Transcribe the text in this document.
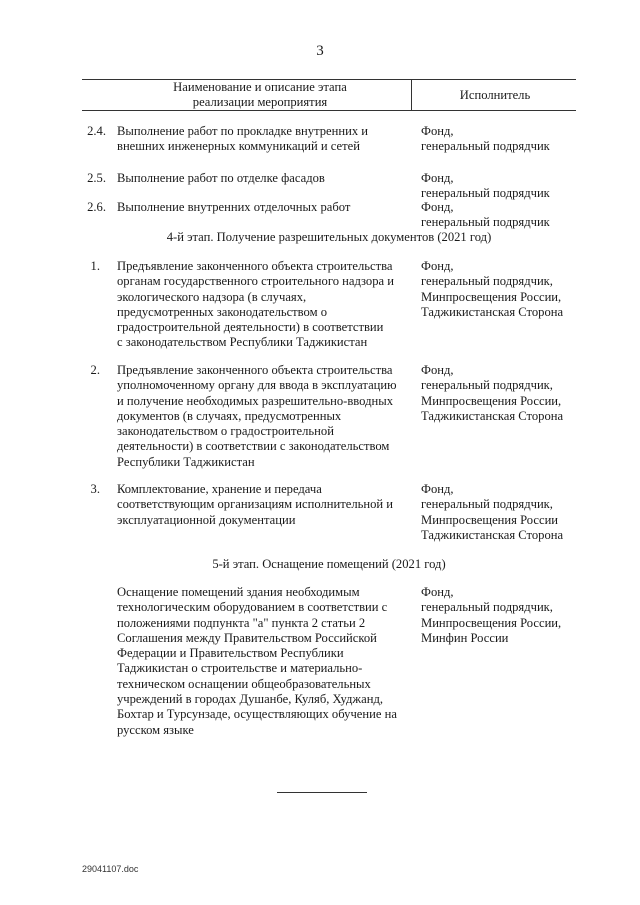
3
Наименование и описание этапа
реализации мероприятия
Исполнитель
2.4. Выполнение работ по прокладке внутренних и
внешних инженерных коммуникаций и сетей
Фонд,
генеральный подрядчик
2.5. Выполнение работ по отделке фасадов	Фонд,
генеральный подрядчик
2.6. Выполнение внутренних отделочных работ	Фонд,
генеральный подрядчик
4-й этап. Получение разрешительных документов (2021 год)
1. Предъявление законченного объекта строительства
органам государственного строительного надзора и
экологического надзора (в случаях,
предусмотренных законодательством о
градостроительной деятельности) в соответствии
с законодательством Республики Таджикистан
Фонд,
генеральный подрядчик,
Минпросвещения России,
Таджикистанская Сторона
2. Предъявление законченного объекта строительства
уполномоченному органу для ввода в эксплуатацию
и получение необходимых разрешительно-вводных
документов (в случаях, предусмотренных
законодательством о градостроительной
деятельности) в соответствии с законодательством
Республики Таджикистан
Фонд,
генеральный подрядчик,
Минпросвещения России,
Таджикистанская Сторона
3. Комплектование, хранение и передача
соответствующим организациям исполнительной и
эксплуатационной документации
Фонд,
генеральный подрядчик,
Минпросвещения России
Таджикистанская Сторона
5-й этап. Оснащение помещений (2021 год)
Оснащение помещений здания необходимым
технологическим оборудованием в соответствии с
положениями подпункта "а" пункта 2 статьи 2
Соглашения между Правительством Российской
Федерации и Правительством Республики
Таджикистан о строительстве и материально-
техническом оснащении общеобразовательных
учреждений в городах Душанбе, Куляб, Худжанд,
Бохтар и Турсунзаде, осуществляющих обучение на
русском языке
Фонд,
генеральный подрядчик,
Минпросвещения России,
Минфин России
29041107.doc
